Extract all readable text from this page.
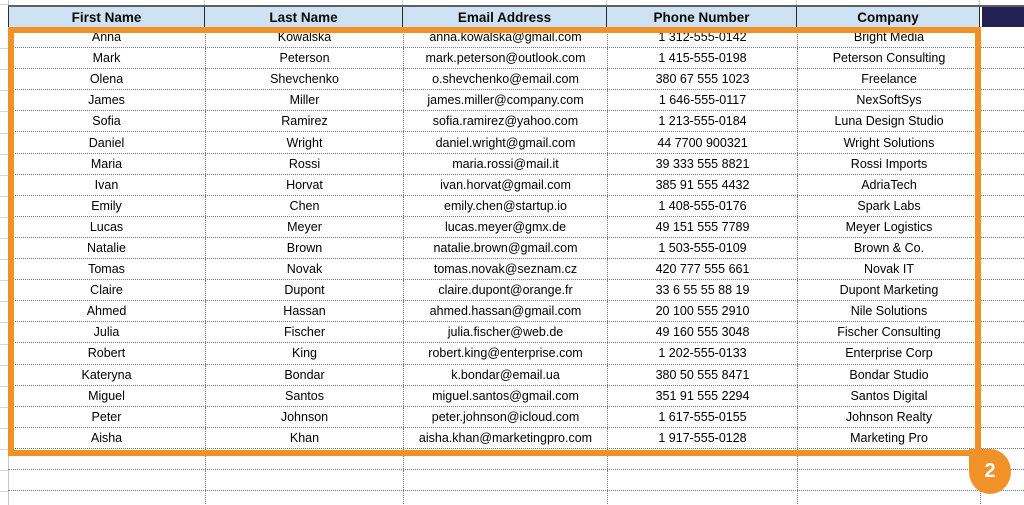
First Name	Last Name	Email Address	Phone Number	Company
Anna	Kowalska	anna.kowalska@gmail.com	1 312-555-0142	Bright Media
Mark	Peterson	mark.peterson@outlook.com	1 415-555-0198	Peterson Consulting
Olena	Shevchenko	o.shevchenko@email.com	380 67 555 1023	Freelance
James	Miller	james.miller@company.com	1 646-555-0117	NexSoftSys
Sofia	Ramirez	sofia.ramirez@yahoo.com	1 213-555-0184	Luna Design Studio
Daniel	Wright	daniel.wright@gmail.com	44 7700 900321	Wright Solutions
Maria	Rossi	maria.rossi@mail.it	39 333 555 8821	Rossi Imports
Ivan	Horvat	ivan.horvat@gmail.com	385 91 555 4432	AdriaTech
Emily	Chen	emily.chen@startup.io	1 408-555-0176	Spark Labs
Lucas	Meyer	lucas.meyer@gmx.de	49 151 555 7789	Meyer Logistics
Natalie	Brown	natalie.brown@gmail.com	1 503-555-0109	Brown & Co.
Tomas	Novak	tomas.novak@seznam.cz	420 777 555 661	Novak IT
Claire	Dupont	claire.dupont@orange.fr	33 6 55 55 88 19	Dupont Marketing
Ahmed	Hassan	ahmed.hassan@gmail.com	20 100 555 2910	Nile Solutions
Julia	Fischer	julia.fischer@web.de	49 160 555 3048	Fischer Consulting
Robert	King	robert.king@enterprise.com	1 202-555-0133	Enterprise Corp
Kateryna	Bondar	k.bondar@email.ua	380 50 555 8471	Bondar Studio
Miguel	Santos	miguel.santos@gmail.com	351 91 555 2294	Santos Digital
Peter	Johnson	peter.johnson@icloud.com	1 617-555-0155	Johnson Realty
Aisha	Khan	aisha.khan@marketingpro.com	1 917-555-0128	Marketing Pro
2
